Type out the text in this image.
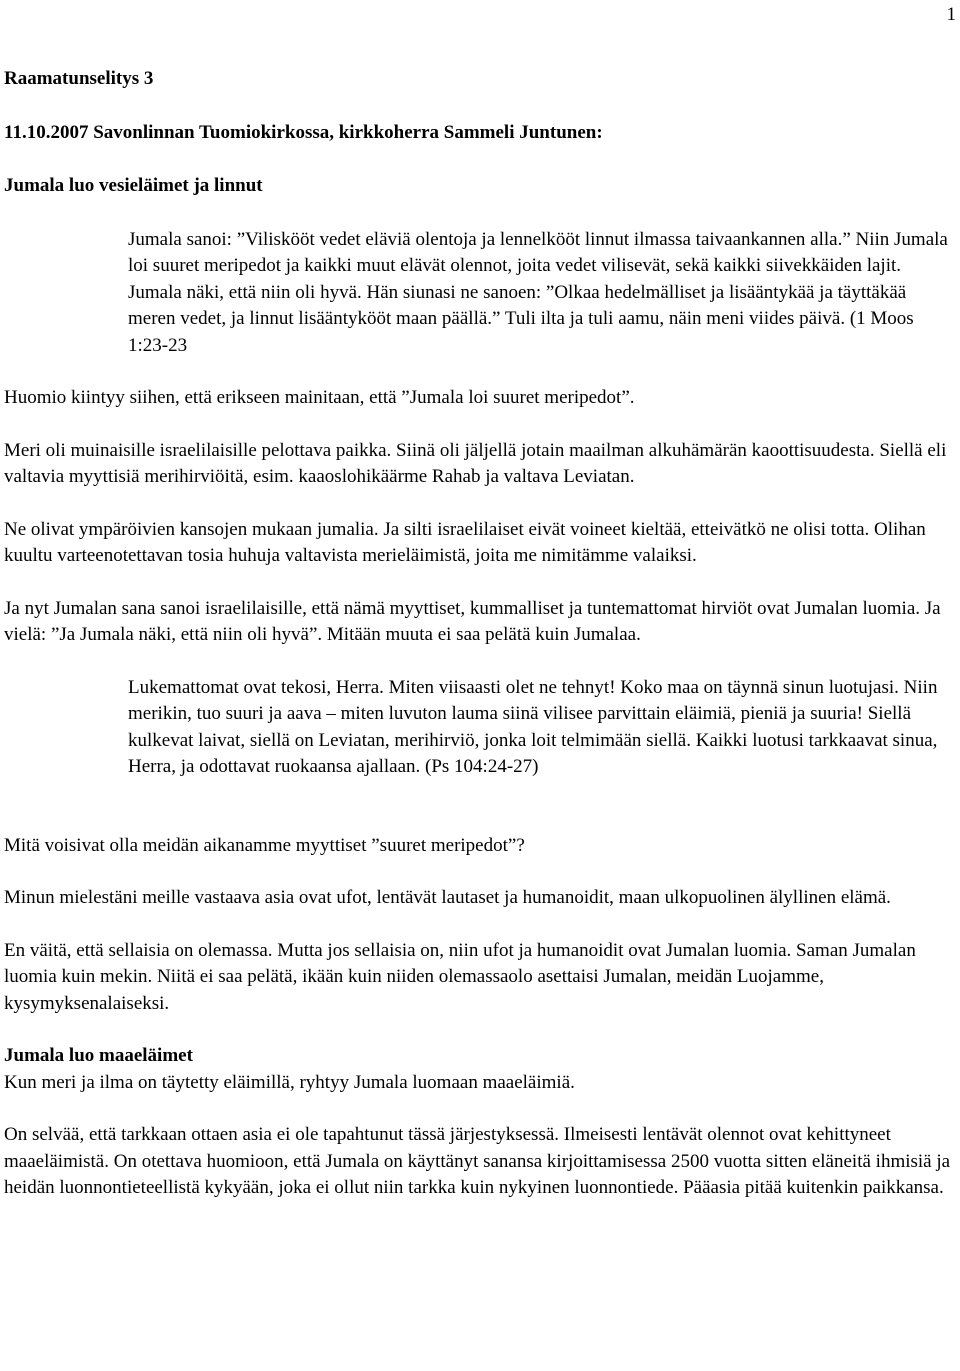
1

Raamatunselitys 3

11.10.2007 Savonlinnan Tuomiokirkossa, kirkkoherra Sammeli Juntunen:

Jumala luo vesieläimet ja linnut

Jumala sanoi: ”Viliskööt vedet eläviä olentoja ja lennelkööt linnut ilmassa taivaankannen alla.” Niin Jumala loi suuret meripedot ja kaikki muut elävät olennot, joita vedet vilisevät, sekä kaikki siivekkäiden lajit. Jumala näki, että niin oli hyvä. Hän siunasi ne sanoen: ”Olkaa hedelmälliset ja lisääntykää ja täyttäkää meren vedet, ja linnut lisääntykööt maan päällä.” Tuli ilta ja tuli aamu, näin meni viides päivä. (1 Moos 1:23-23

Huomio kiintyy siihen, että erikseen mainitaan, että ”Jumala loi suuret meripedot”.

Meri oli muinaisille israelilaisille pelottava paikka. Siinä oli jäljellä jotain maailman alkuhämärän kaoottisuudesta. Siellä eli valtavia myyttisiä merihirviöitä, esim. kaaoslohikäärme Rahab ja valtava Leviatan.

Ne olivat ympäröivien kansojen mukaan jumalia. Ja silti israelilaiset eivät voineet kieltää, etteivätkö ne olisi totta. Olihan kuultu varteenotettavan tosia huhuja valtavista merieläimistä, joita me nimitämme valaiksi.

Ja nyt Jumalan sana sanoi israelilaisille, että nämä myyttiset, kummalliset ja tuntemattomat hirviöt ovat Jumalan luomia. Ja vielä: ”Ja Jumala näki, että niin oli hyvä”. Mitään muuta ei saa pelätä kuin Jumalaa.

Lukemattomat ovat tekosi, Herra. Miten viisaasti olet ne tehnyt! Koko maa on täynnä sinun luotujasi. Niin merikin, tuo suuri ja aava – miten luvuton lauma siinä vilisee parvittain eläimiä, pieniä ja suuria! Siellä kulkevat laivat, siellä on Leviatan, merihirviö, jonka loit telmimään siellä. Kaikki luotusi tarkkaavat sinua, Herra, ja odottavat ruokaansa ajallaan. (Ps 104:24-27)

Mitä voisivat olla meidän aikanamme myyttiset ”suuret meripedot”?

Minun mielestäni meille vastaava asia ovat ufot, lentävät lautaset ja humanoidit, maan ulkopuolinen älyllinen elämä.

En väitä, että sellaisia on olemassa. Mutta jos sellaisia on, niin ufot ja humanoidit ovat Jumalan luomia. Saman Jumalan luomia kuin mekin. Niitä ei saa pelätä, ikään kuin niiden olemassaolo asettaisi Jumalan, meidän Luojamme, kysymyksenalaiseksi.

Jumala luo maaeläimet

Kun meri ja ilma on täytetty eläimillä, ryhtyy Jumala luomaan maaeläimiä.

On selvää, että tarkkaan ottaen asia ei ole tapahtunut tässä järjestyksessä. Ilmeisesti lentävät olennot ovat kehittyneet maaeläimistä. On otettava huomioon, että Jumala on käyttänyt sanansa kirjoittamisessa 2500 vuotta sitten eläneitä ihmisiä ja heidän luonnontieteellistä kykyään, joka ei ollut niin tarkka kuin nykyinen luonnontiede. Pääasia pitää kuitenkin paikkansa.
